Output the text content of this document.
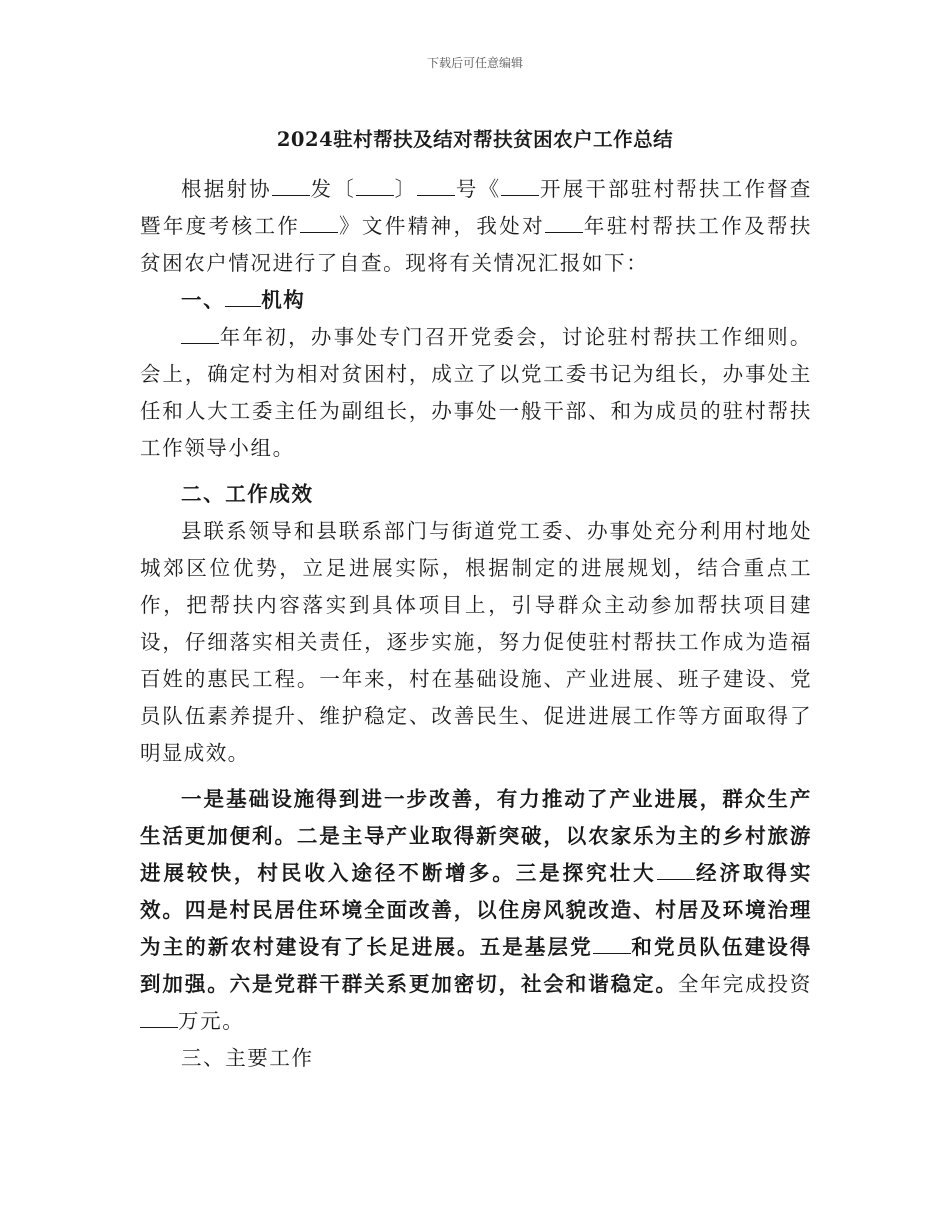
下载后可任意编辑
2024驻村帮扶及结对帮扶贫困农户工作总结

根据射协 发〔 〕 号《 开展干部驻村帮扶工作督查暨年度考核工作 》文件精神，我处对 年驻村帮扶工作及帮扶贫困农户情况进行了自查。现将有关情况汇报如下：

一、 机构

年年初，办事处专门召开党委会，讨论驻村帮扶工作细则。会上，确定村为相对贫困村，成立了以党工委书记为组长，办事处主任和人大工委主任为副组长，办事处一般干部、和为成员的驻村帮扶工作领导小组。

二、工作成效

县联系领导和县联系部门与街道党工委、办事处充分利用村地处城郊区位优势，立足进展实际，根据制定的进展规划，结合重点工作，把帮扶内容落实到具体项目上，引导群众主动参加帮扶项目建设，仔细落实相关责任，逐步实施，努力促使驻村帮扶工作成为造福百姓的惠民工程。一年来，村在基础设施、产业进展、班子建设、党员队伍素养提升、维护稳定、改善民生、促进进展工作等方面取得了明显成效。

一是基础设施得到进一步改善，有力推动了产业进展，群众生产生活更加便利。二是主导产业取得新突破，以农家乐为主的乡村旅游进展较快，村民收入途径不断增多。三是探究壮大 经济取得实效。四是村民居住环境全面改善，以住房风貌改造、村居及环境治理为主的新农村建设有了长足进展。五是基层党 和党员队伍建设得到加强。六是党群干群关系更加密切，社会和谐稳定。全年完成投资万元。

三、主要工作
